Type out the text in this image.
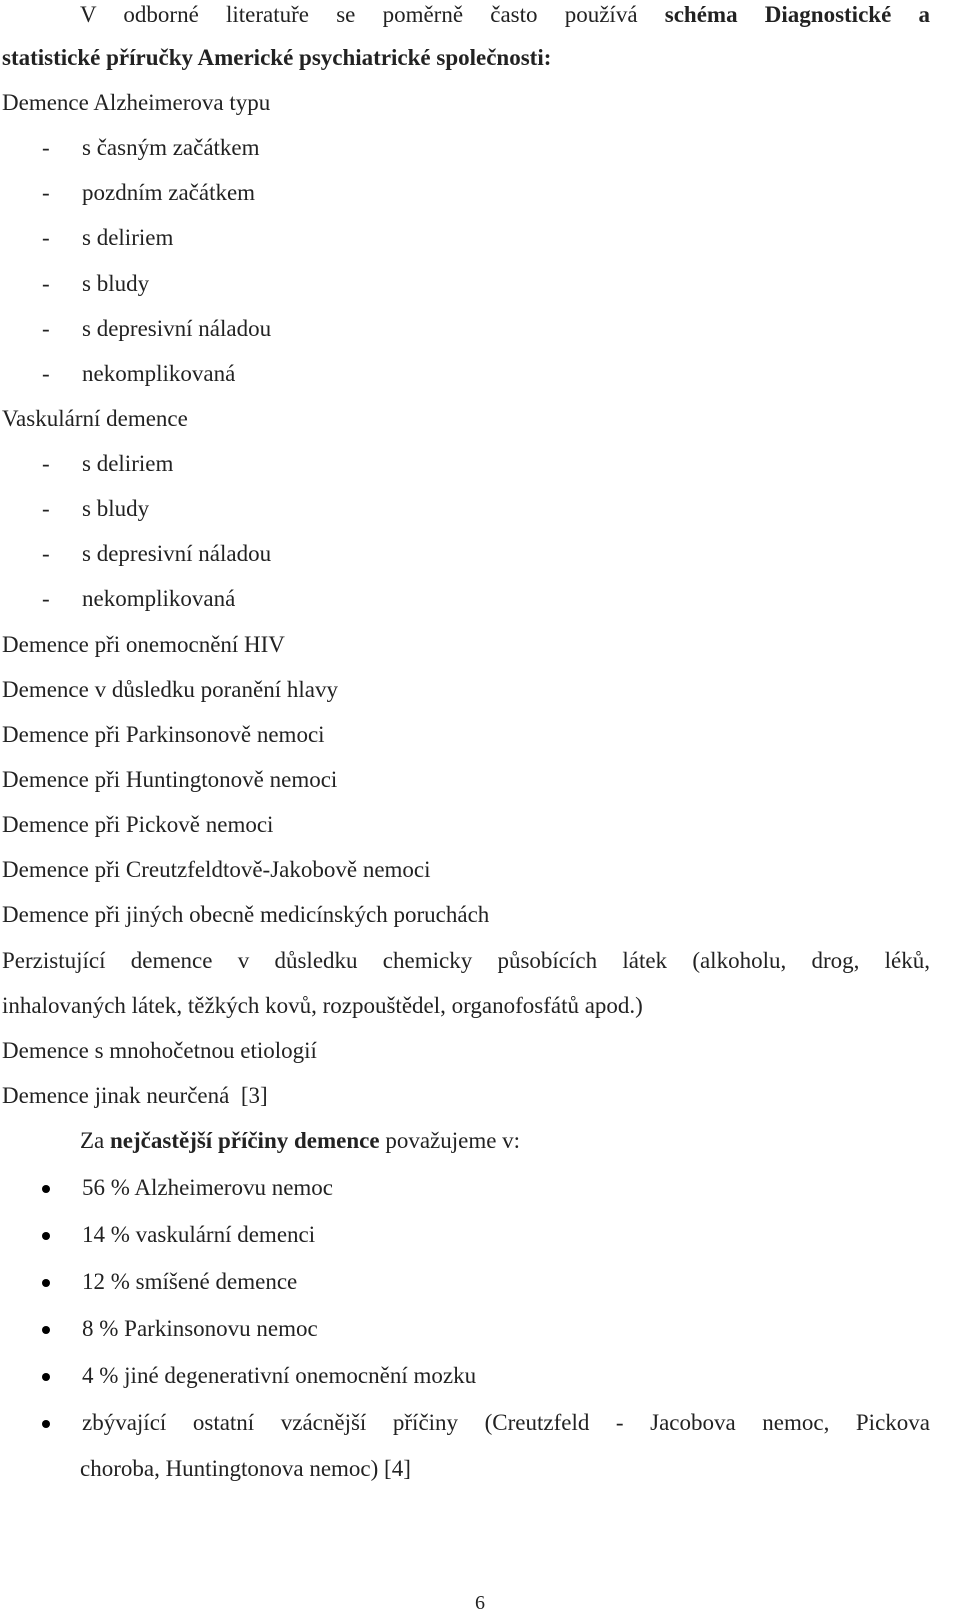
V odborné literatuře se poměrně často používá schéma Diagnostické a
statistické příručky Americké psychiatrické společnosti:
Demence Alzheimerova typu
- s časným začátkem
- pozdním začátkem
- s deliriem
- s bludy
- s depresivní náladou
- nekomplikovaná
Vaskulární demence
- s deliriem
- s bludy
- s depresivní náladou
- nekomplikovaná
Demence při onemocnění HIV
Demence v důsledku poranění hlavy
Demence při Parkinsonově nemoci
Demence při Huntingtonově nemoci
Demence při Pickově nemoci
Demence při Creutzfeldtově-Jakobově nemoci
Demence při jiných obecně medicínských poruchách
Perzistující demence v důsledku chemicky působících látek (alkoholu, drog, léků,
inhalovaných látek, těžkých kovů, rozpouštědel, organofosfátů apod.)
Demence s mnohočetnou etiologií
Demence jinak neurčená  [3]
Za nejčastější příčiny demence považujeme v:
56 % Alzheimerovu nemoc
14 % vaskulární demenci
12 % smíšené demence
8 % Parkinsonovu nemoc
4 % jiné degenerativní onemocnění mozku
zbývající ostatní vzácnější příčiny (Creutzfeld - Jacobova nemoc, Pickova
choroba, Huntingtonova nemoc) [4]
6
